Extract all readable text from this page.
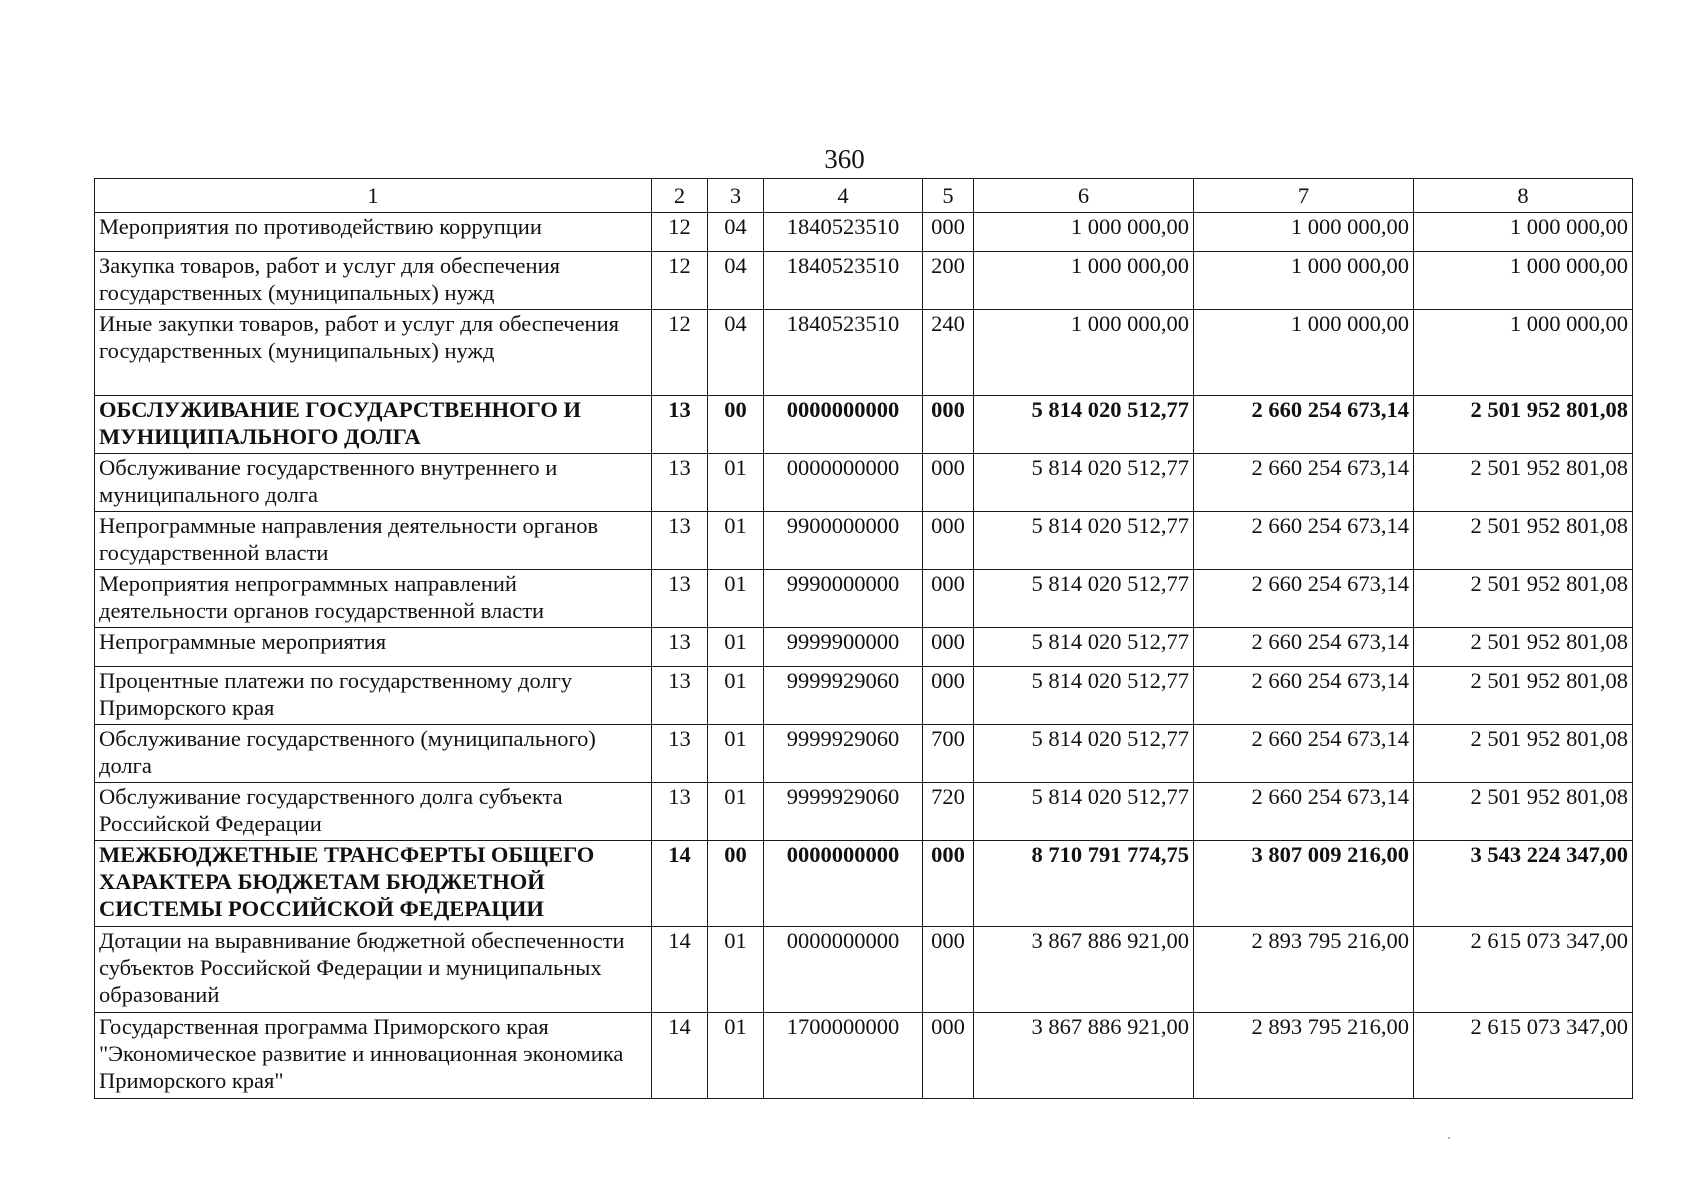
360
1	2	3	4	5	6	7	8
Мероприятия по противодействию коррупции	12	04	1840523510	000	1 000 000,00	1 000 000,00	1 000 000,00
Закупка товаров, работ и услуг для обеспечения государственных (муниципальных) нужд	12	04	1840523510	200	1 000 000,00	1 000 000,00	1 000 000,00
Иные закупки товаров, работ и услуг для обеспечения государственных (муниципальных) нужд	12	04	1840523510	240	1 000 000,00	1 000 000,00	1 000 000,00
ОБСЛУЖИВАНИЕ ГОСУДАРСТВЕННОГО И МУНИЦИПАЛЬНОГО ДОЛГА	13	00	0000000000	000	5 814 020 512,77	2 660 254 673,14	2 501 952 801,08
Обслуживание государственного внутреннего и муниципального долга	13	01	0000000000	000	5 814 020 512,77	2 660 254 673,14	2 501 952 801,08
Непрограммные направления деятельности органов государственной власти	13	01	9900000000	000	5 814 020 512,77	2 660 254 673,14	2 501 952 801,08
Мероприятия непрограммных направлений деятельности органов государственной власти	13	01	9990000000	000	5 814 020 512,77	2 660 254 673,14	2 501 952 801,08
Непрограммные мероприятия	13	01	9999900000	000	5 814 020 512,77	2 660 254 673,14	2 501 952 801,08
Процентные платежи по государственному долгу Приморского края	13	01	9999929060	000	5 814 020 512,77	2 660 254 673,14	2 501 952 801,08
Обслуживание государственного (муниципального) долга	13	01	9999929060	700	5 814 020 512,77	2 660 254 673,14	2 501 952 801,08
Обслуживание государственного долга субъекта Российской Федерации	13	01	9999929060	720	5 814 020 512,77	2 660 254 673,14	2 501 952 801,08
МЕЖБЮДЖЕТНЫЕ ТРАНСФЕРТЫ ОБЩЕГО ХАРАКТЕРА БЮДЖЕТАМ БЮДЖЕТНОЙ СИСТЕМЫ РОССИЙСКОЙ ФЕДЕРАЦИИ	14	00	0000000000	000	8 710 791 774,75	3 807 009 216,00	3 543 224 347,00
Дотации на выравнивание бюджетной обеспеченности субъектов Российской Федерации и муниципальных образований	14	01	0000000000	000	3 867 886 921,00	2 893 795 216,00	2 615 073 347,00
Государственная программа Приморского края "Экономическое развитие и инновационная экономика Приморского края"	14	01	1700000000	000	3 867 886 921,00	2 893 795 216,00	2 615 073 347,00
